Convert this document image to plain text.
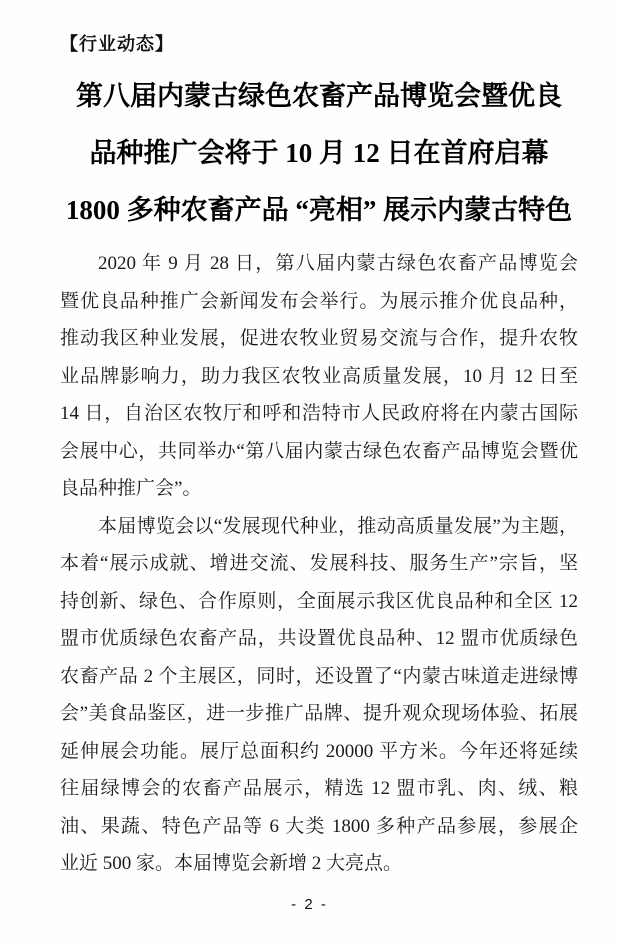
【行业动态】
第八届内蒙古绿色农畜产品博览会暨优良
品种推广会将于 10 月 12 日在首府启幕
1800 多种农畜产品 “亮相” 展示内蒙古特色
2020 年 9 月 28 日，第八届内蒙古绿色农畜产品博览会
暨优良品种推广会新闻发布会举行。为展示推介优良品种，
推动我区种业发展，促进农牧业贸易交流与合作，提升农牧
业品牌影响力，助力我区农牧业高质量发展，10 月 12 日至
14 日，自治区农牧厅和呼和浩特市人民政府将在内蒙古国际
会展中心，共同举办“第八届内蒙古绿色农畜产品博览会暨优
良品种推广会”。
本届博览会以“发展现代种业，推动高质量发展”为主题，
本着“展示成就、增进交流、发展科技、服务生产”宗旨，坚
持创新、绿色、合作原则，全面展示我区优良品种和全区 12
盟市优质绿色农畜产品，共设置优良品种、12 盟市优质绿色
农畜产品 2 个主展区，同时，还设置了“内蒙古味道走进绿博
会”美食品鉴区，进一步推广品牌、提升观众现场体验、拓展
延伸展会功能。展厅总面积约 20000 平方米。今年还将延续
往届绿博会的农畜产品展示，精选 12 盟市乳、肉、绒、粮
油、果蔬、特色产品等 6 大类 1800 多种产品参展，参展企
业近 500 家。本届博览会新增 2 大亮点。
- 2 -
